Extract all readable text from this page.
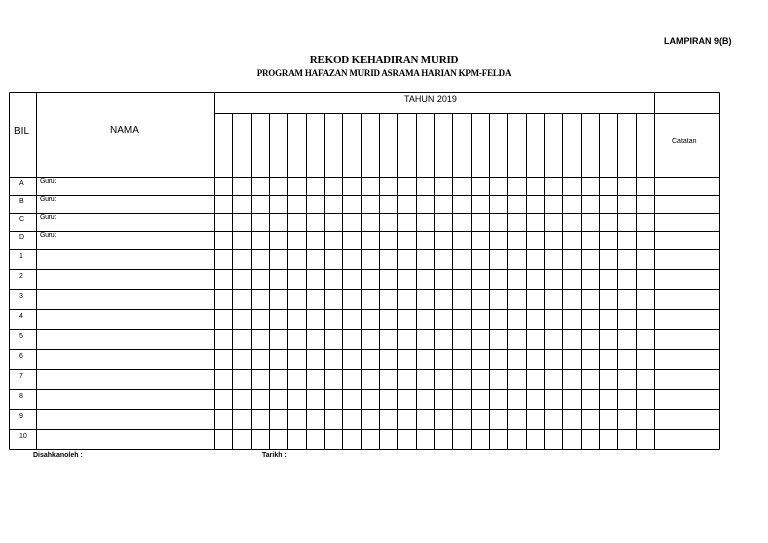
LAMPIRAN 9(B)
REKOD KEHADIRAN MURID
PROGRAM HAFAZAN MURID ASRAMA HARIAN KPM-FELDA
BIL	NAMA
TAHUN 2019
Catatan
A Guru:
B Guru:
C Guru:
D Guru:
1
2
3
4
5
6
7
8
9
10
Disahkanoleh :	Tarikh :
